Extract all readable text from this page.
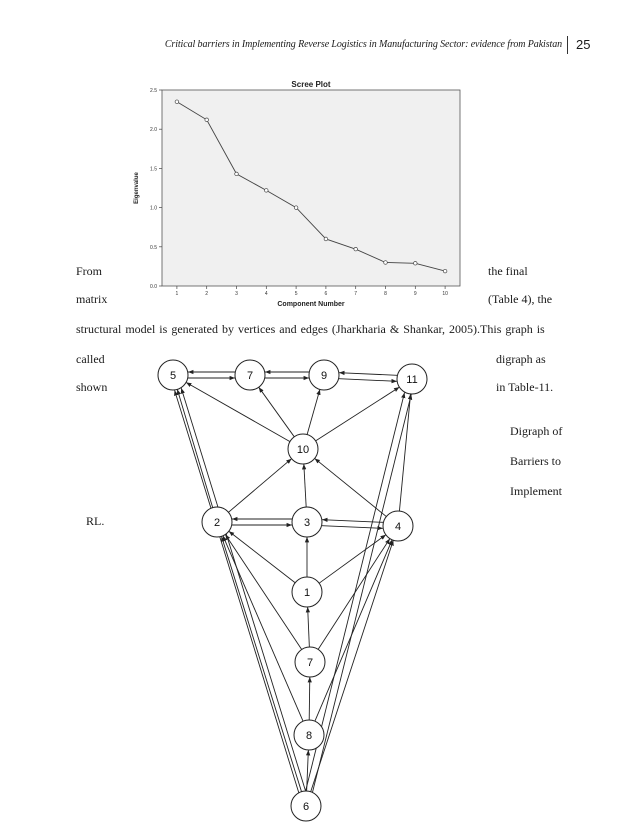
Critical barriers in Implementing Reverse Logistics in Manufacturing Sector: evidence from Pakistan 25
Scree Plot
0.0
0.5
1.0
1.5
2.0
2.5
1	2	3	4	5	6	7	8	9	10
Component Number
Eigenvalue
From	the final
matrix	(Table 4), the
structural model is generated by vertices and edges (Jharkharia & Shankar, 2005).This graph is
called	digraph as
shown	in Table-11.
Digraph of
Barriers to
Implement
RL.
5	7	9	11
10
2	3	4
1
7
8
6
